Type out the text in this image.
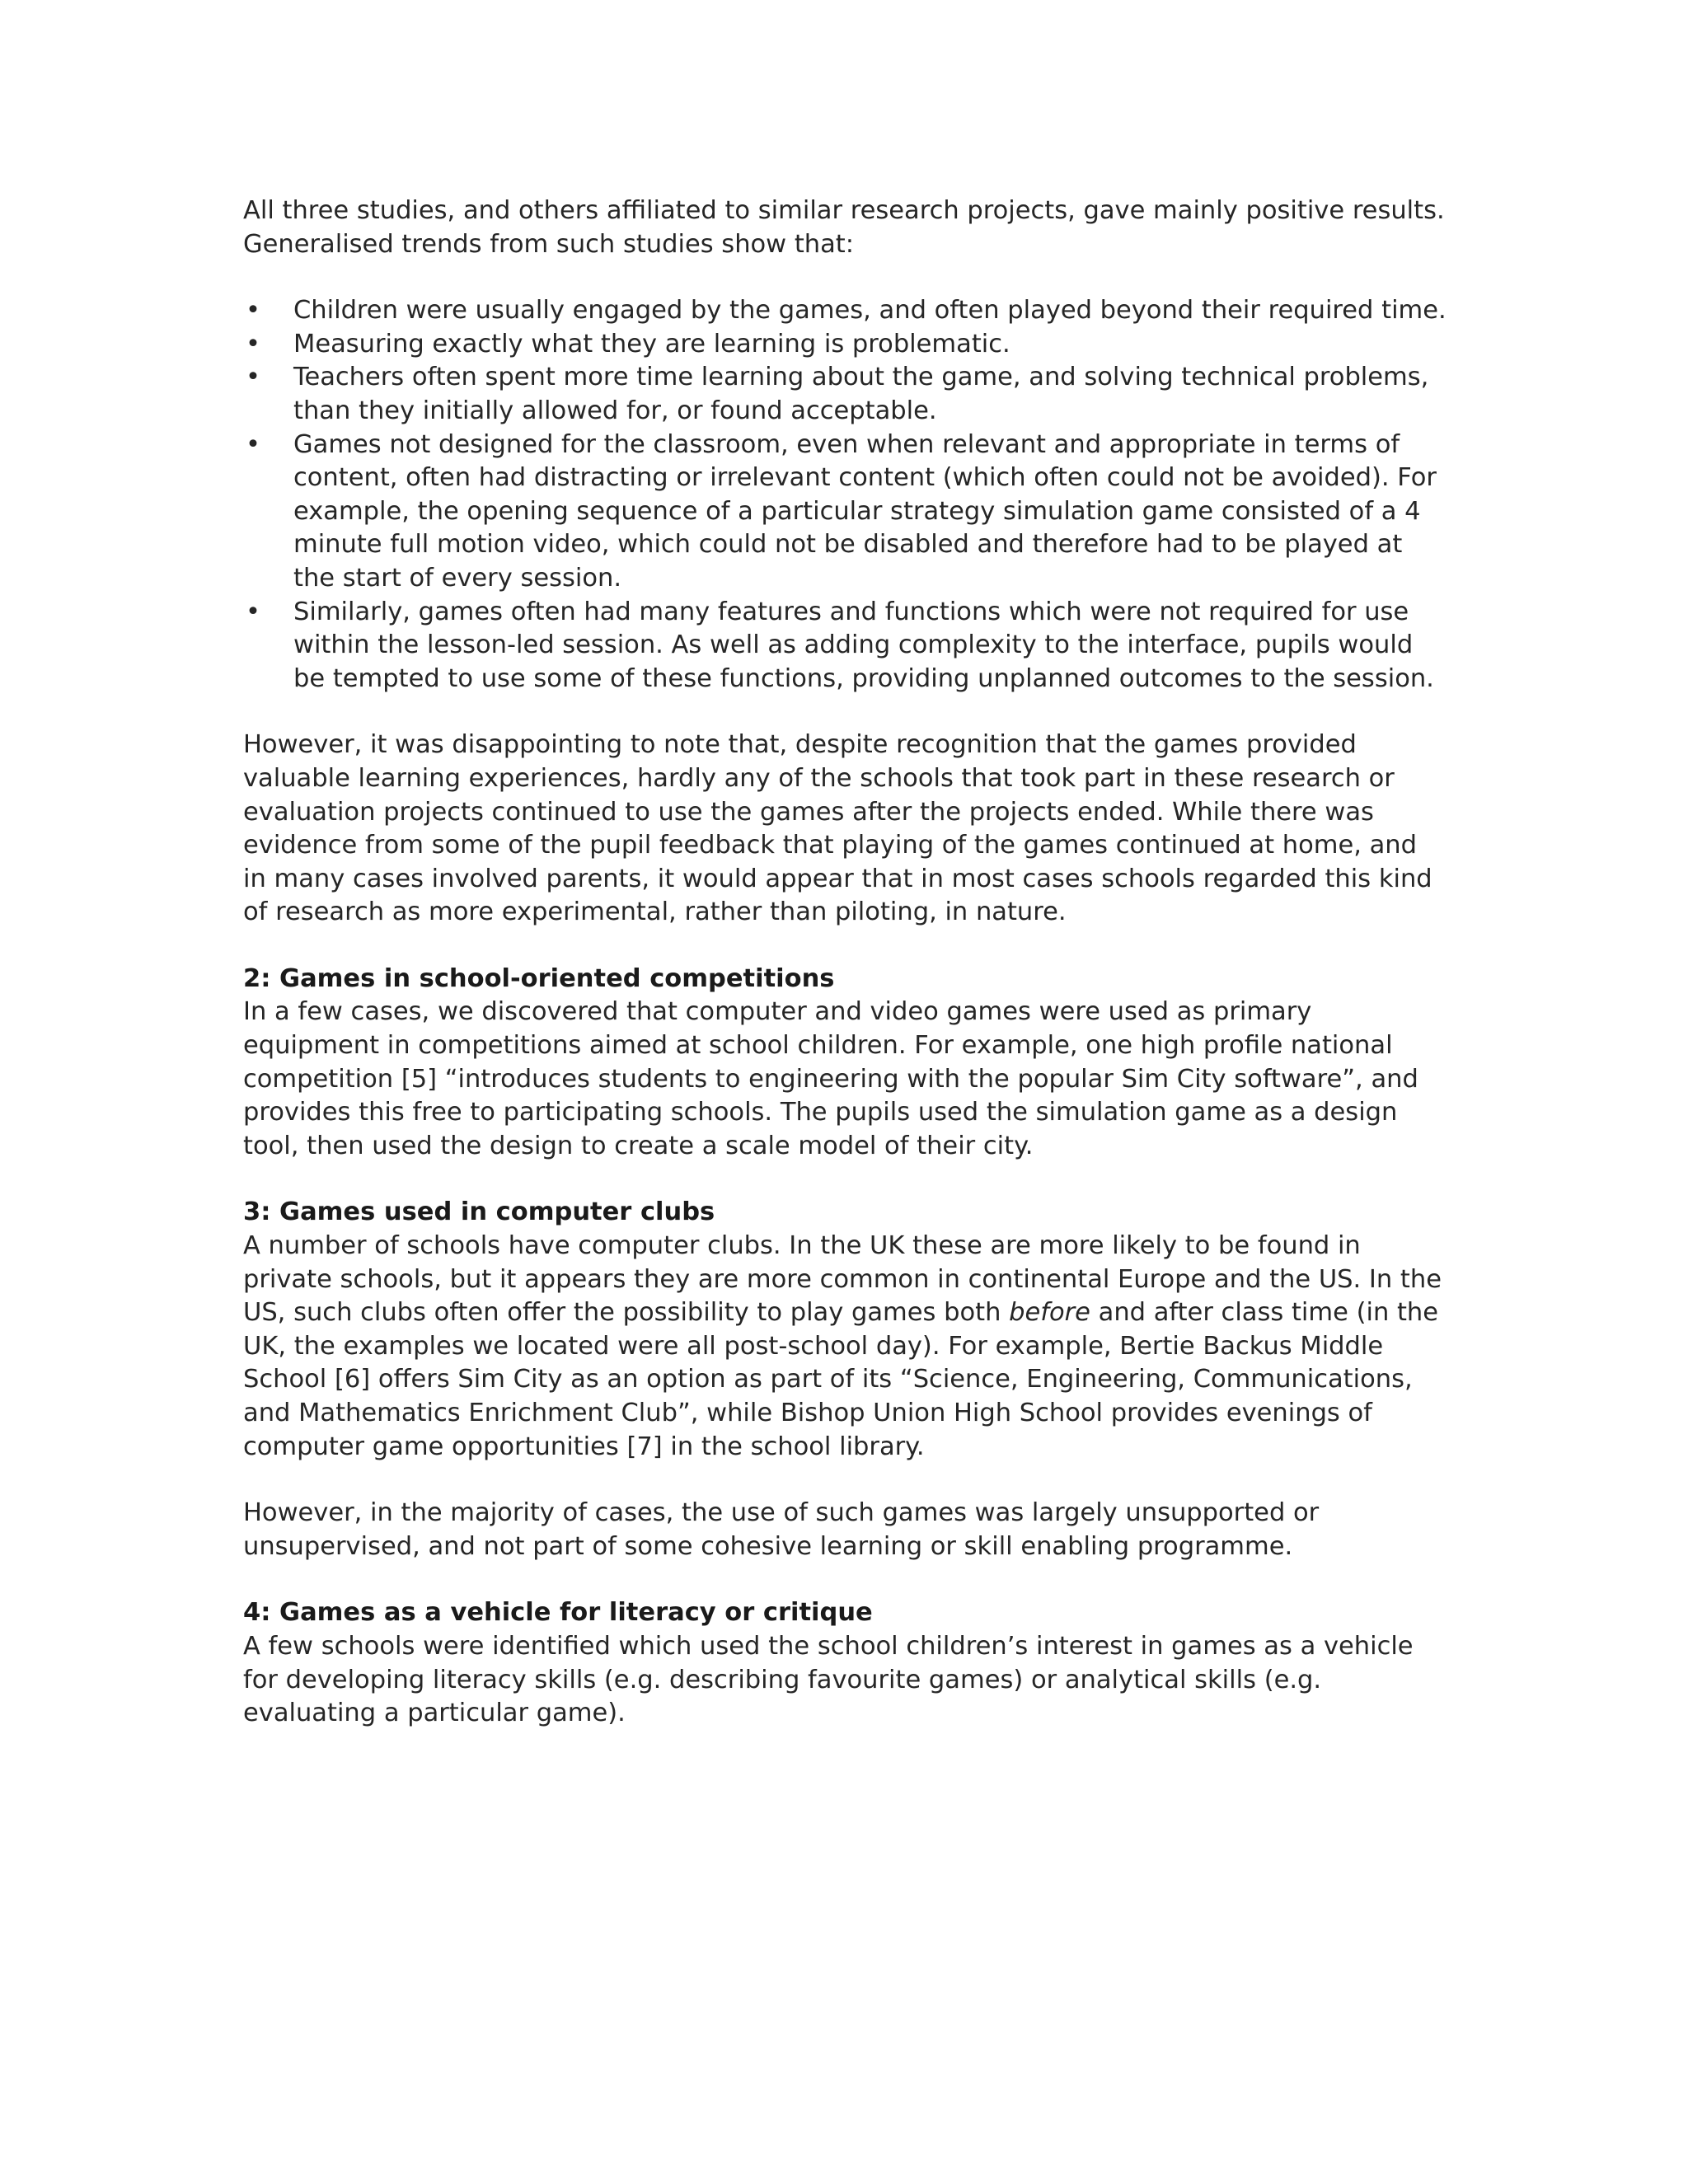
All three studies, and others affiliated to similar research projects, gave mainly positive results. Generalised trends from such studies show that:

• Children were usually engaged by the games, and often played beyond their required time.
• Measuring exactly what they are learning is problematic.
• Teachers often spent more time learning about the game, and solving technical problems, than they initially allowed for, or found acceptable.
• Games not designed for the classroom, even when relevant and appropriate in terms of content, often had distracting or irrelevant content (which often could not be avoided). For example, the opening sequence of a particular strategy simulation game consisted of a 4 minute full motion video, which could not be disabled and therefore had to be played at the start of every session.
• Similarly, games often had many features and functions which were not required for use within the lesson-led session. As well as adding complexity to the interface, pupils would be tempted to use some of these functions, providing unplanned outcomes to the session.

However, it was disappointing to note that, despite recognition that the games provided valuable learning experiences, hardly any of the schools that took part in these research or evaluation projects continued to use the games after the projects ended. While there was evidence from some of the pupil feedback that playing of the games continued at home, and in many cases involved parents, it would appear that in most cases schools regarded this kind of research as more experimental, rather than piloting, in nature.

2: Games in school-oriented competitions

In a few cases, we discovered that computer and video games were used as primary equipment in competitions aimed at school children. For example, one high profile national competition [5] “introduces students to engineering with the popular Sim City software”, and provides this free to participating schools. The pupils used the simulation game as a design tool, then used the design to create a scale model of their city.

3: Games used in computer clubs

A number of schools have computer clubs. In the UK these are more likely to be found in private schools, but it appears they are more common in continental Europe and the US. In the US, such clubs often offer the possibility to play games both before and after class time (in the UK, the examples we located were all post-school day). For example, Bertie Backus Middle School [6] offers Sim City as an option as part of its “Science, Engineering, Communications, and Mathematics Enrichment Club”, while Bishop Union High School provides evenings of computer game opportunities [7] in the school library.

However, in the majority of cases, the use of such games was largely unsupported or unsupervised, and not part of some cohesive learning or skill enabling programme.

4: Games as a vehicle for literacy or critique

A few schools were identified which used the school children’s interest in games as a vehicle for developing literacy skills (e.g. describing favourite games) or analytical skills (e.g. evaluating a particular game).
